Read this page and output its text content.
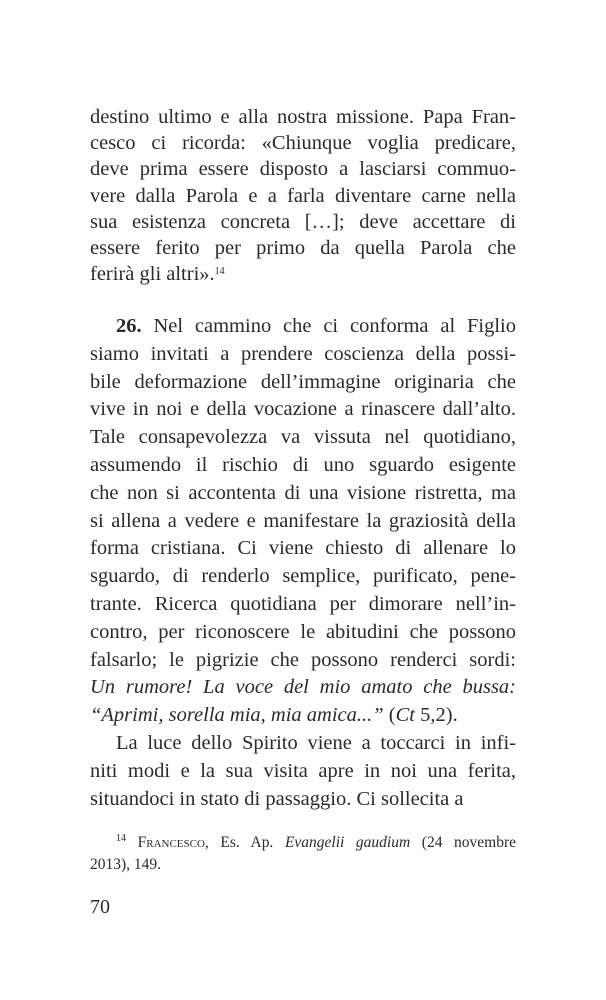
destino ultimo e alla nostra missione. Papa Fran-
cesco ci ricorda: «Chiunque voglia predicare,
deve prima essere disposto a lasciarsi commuo-
vere dalla Parola e a farla diventare carne nella
sua esistenza concreta […]; deve accettare di
essere ferito per primo da quella Parola che
ferirà gli altri».$^{14}$
26. Nel cammino che ci conforma al Figlio
siamo invitati a prendere coscienza della possi-
bile deformazione dell’immagine originaria che
vive in noi e della vocazione a rinascere dall’alto.
Tale consapevolezza va vissuta nel quotidiano,
assumendo il rischio di uno sguardo esigente
che non si accontenta di una visione ristretta, ma
si allena a vedere e manifestare la graziosità della
forma cristiana. Ci viene chiesto di allenare lo
sguardo, di renderlo semplice, purificato, pene-
trante. Ricerca quotidiana per dimorare nell’in-
contro, per riconoscere le abitudini che possono
falsarlo; le pigrizie che possono renderci sordi:
Un rumore! La voce del mio amato che bussa:
“Aprimi, sorella mia, mia amica...” (Ct 5,2).
La luce dello Spirito viene a toccarci in infi-
niti modi e la sua visita apre in noi una ferita,
situandoci in stato di passaggio. Ci sollecita a
$^{14}$ Francesco, Es. Ap. Evangelii gaudium (24 novembre
2013), 149.
70
